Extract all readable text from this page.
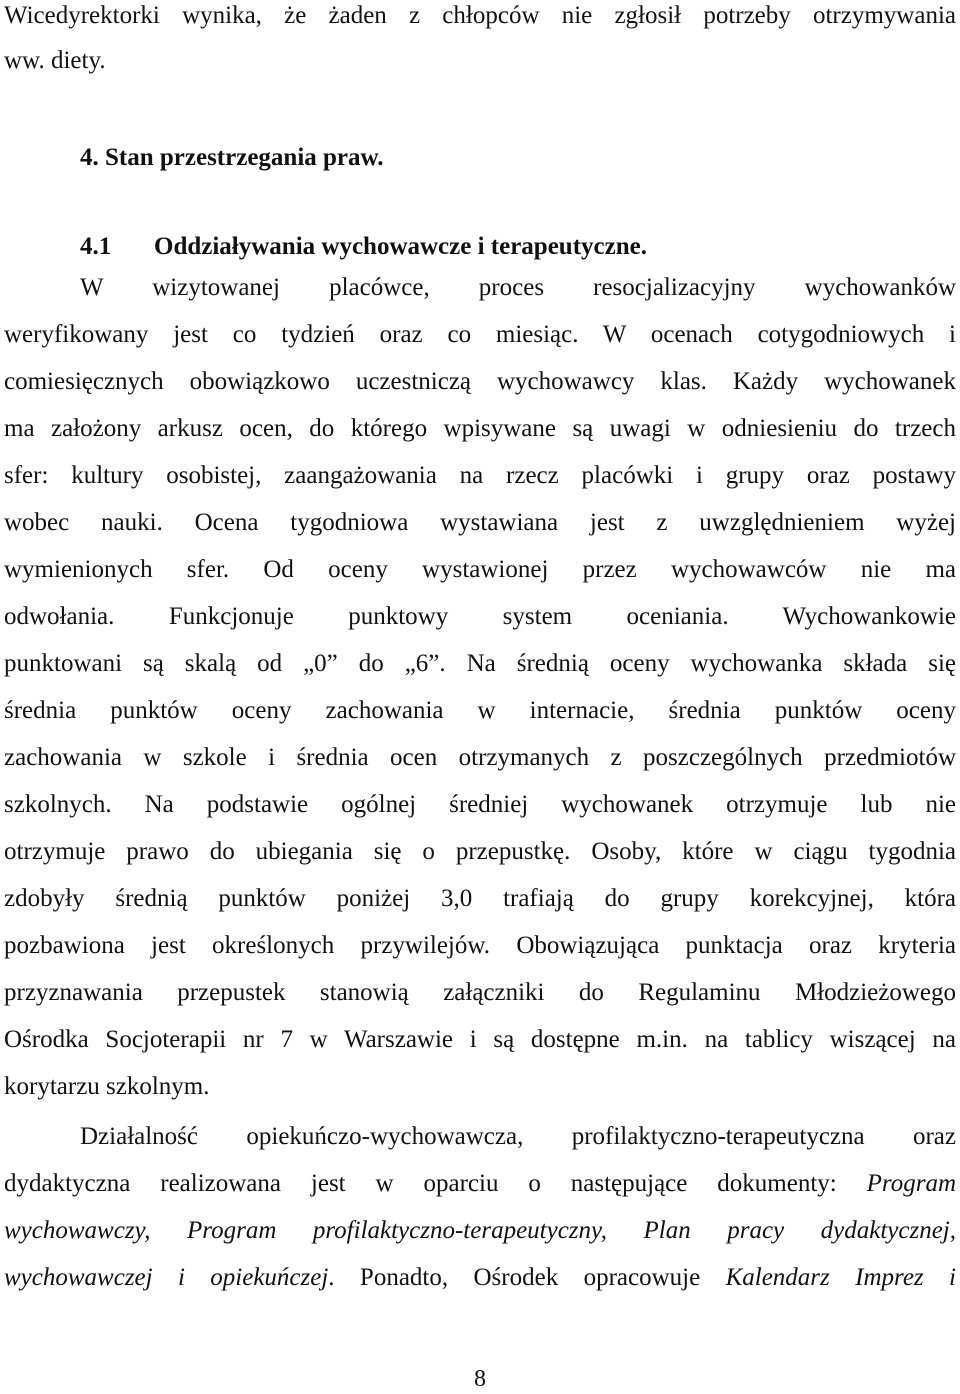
Wicedyrektorki wynika, że żaden z chłopców nie zgłosił potrzeby otrzymywania
ww. diety.
4. Stan przestrzegania praw.
4.1	Oddziaływania wychowawcze i terapeutyczne.
W wizytowanej placówce, proces resocjalizacyjny wychowanków
weryfikowany jest co tydzień oraz co miesiąc. W ocenach cotygodniowych i
comiesięcznych obowiązkowo uczestniczą wychowawcy klas. Każdy wychowanek
ma założony arkusz ocen, do którego wpisywane są uwagi w odniesieniu do trzech
sfer: kultury osobistej, zaangażowania na rzecz placówki i grupy oraz postawy
wobec nauki. Ocena tygodniowa wystawiana jest z uwzględnieniem wyżej
wymienionych sfer. Od oceny wystawionej przez wychowawców nie ma
odwołania. Funkcjonuje punktowy system oceniania. Wychowankowie
punktowani są skalą od „0” do „6”. Na średnią oceny wychowanka składa się
średnia punktów oceny zachowania w internacie, średnia punktów oceny
zachowania w szkole i średnia ocen otrzymanych z poszczególnych przedmiotów
szkolnych. Na podstawie ogólnej średniej wychowanek otrzymuje lub nie
otrzymuje prawo do ubiegania się o przepustkę. Osoby, które w ciągu tygodnia
zdobyły średnią punktów poniżej 3,0 trafiają do grupy korekcyjnej, która
pozbawiona jest określonych przywilejów. Obowiązująca punktacja oraz kryteria
przyznawania przepustek stanowią załączniki do Regulaminu Młodzieżowego
Ośrodka Socjoterapii nr 7 w Warszawie i są dostępne m.in. na tablicy wiszącej na
korytarzu szkolnym.
Działalność opiekuńczo-wychowawcza, profilaktyczno-terapeutyczna oraz
dydaktyczna realizowana jest w oparciu o następujące dokumenty: Program
wychowawczy, Program profilaktyczno-terapeutyczny, Plan pracy dydaktycznej,
wychowawczej i opiekuńczej. Ponadto, Ośrodek opracowuje Kalendarz Imprez i
8
